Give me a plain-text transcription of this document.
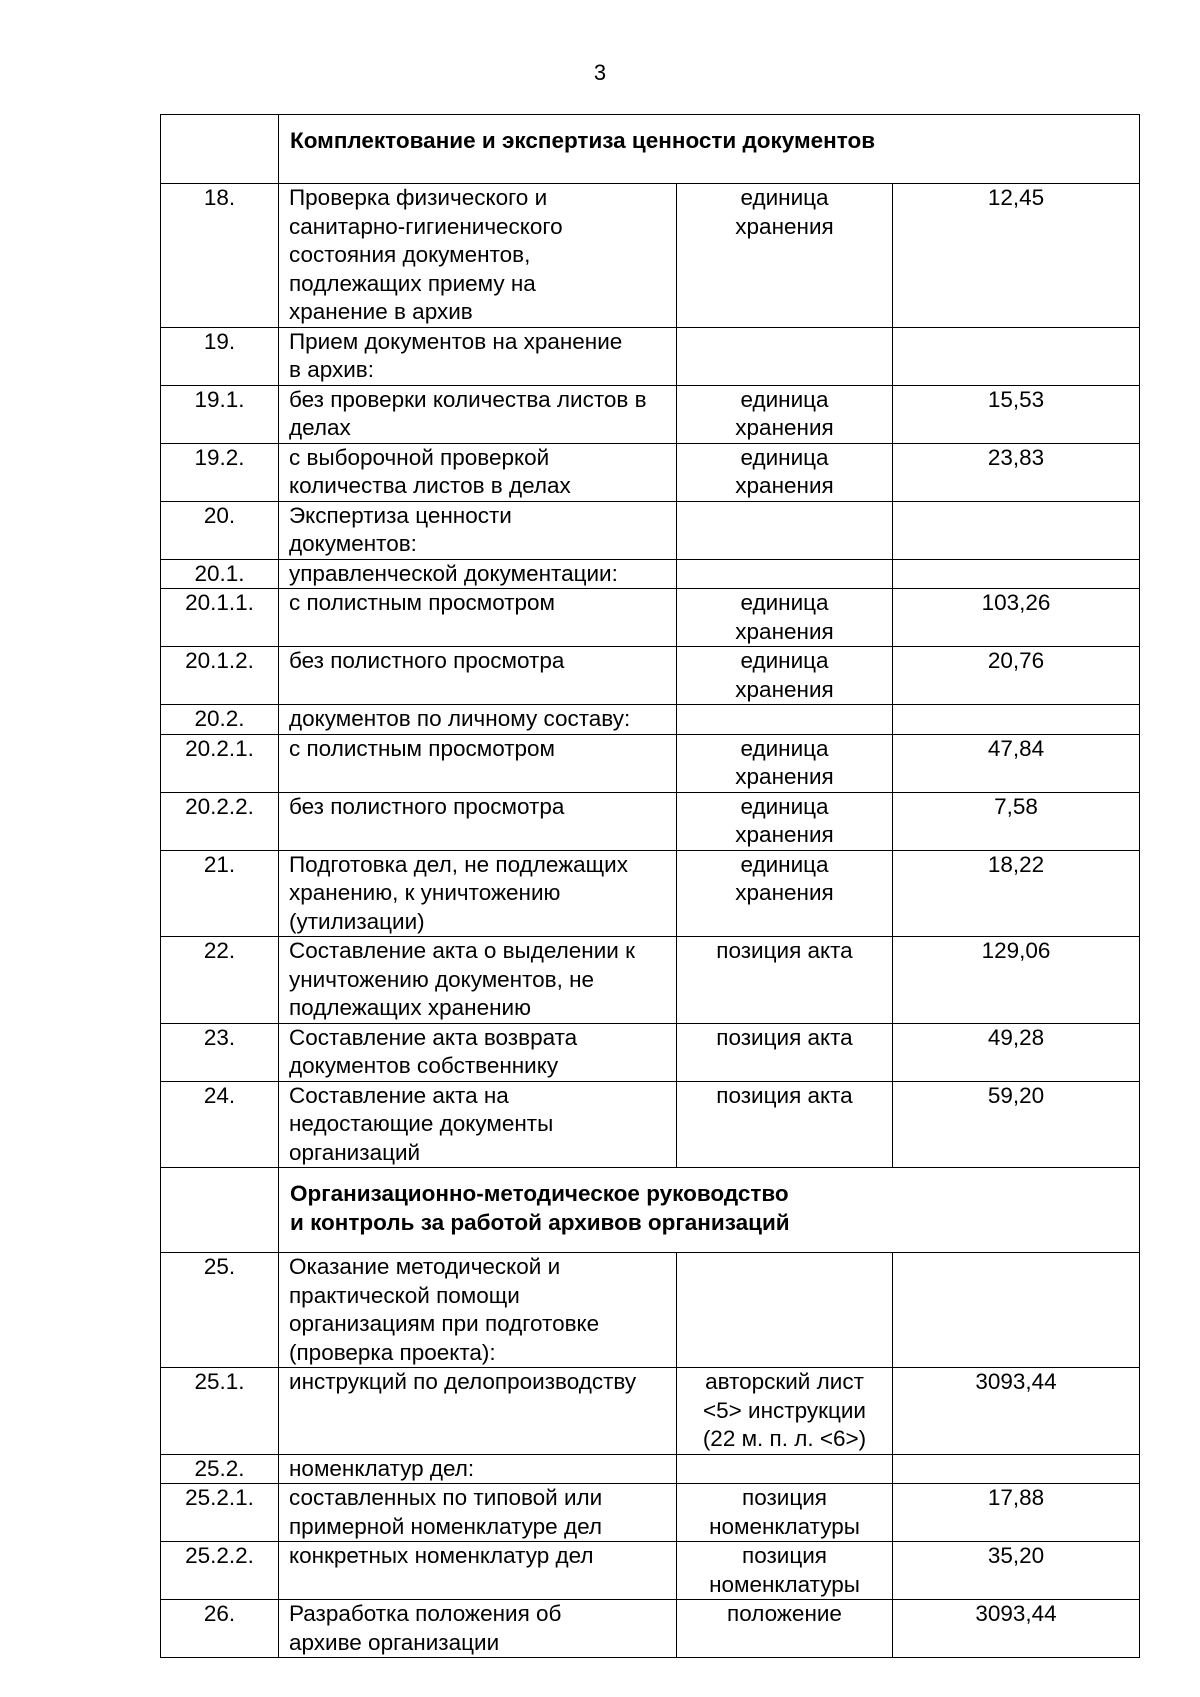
3
	Комплектование и экспертиза ценности документов		
18.	Проверка физического и
санитарно-гигиенического
состояния документов,
подлежащих приему на
хранение в архив	единица
хранения	12,45
19.	Прием документов на хранение
в архив:		
19.1.	без проверки количества листов в
делах	единица
хранения	15,53
19.2.	с выборочной проверкой
количества листов в делах	единица
хранения	23,83
20.	Экспертиза ценности
документов:		
20.1.	управленческой документации:		
20.1.1.	с полистным просмотром	единица
хранения	103,26
20.1.2.	без полистного просмотра	единица
хранения	20,76
20.2.	документов по личному составу:		
20.2.1.	с полистным просмотром	единица
хранения	47,84
20.2.2.	без полистного просмотра	единица
хранения	7,58
21.	Подготовка дел, не подлежащих
хранению, к уничтожению
(утилизации)	единица
хранения	18,22
22.	Составление акта о выделении к
уничтожению документов, не
подлежащих хранению	позиция акта	129,06
23.	Составление акта возврата
документов собственнику	позиция акта	49,28
24.	Составление акта на
недостающие документы
организаций	позиция акта	59,20
	Организационно-методическое руководство
и контроль за работой архивов организаций		
25.	Оказание методической и
практической помощи
организациям при подготовке
(проверка проекта):		
25.1.	инструкций по делопроизводству	авторский лист
<5> инструкции
(22 м. п. л. <6>)	3093,44
25.2.	номенклатур дел:		
25.2.1.	составленных по типовой или
примерной номенклатуре дел	позиция
номенклатуры	17,88
25.2.2.	конкретных номенклатур дел	позиция
номенклатуры	35,20
26.	Разработка положения об
архиве организации	положение	3093,44
